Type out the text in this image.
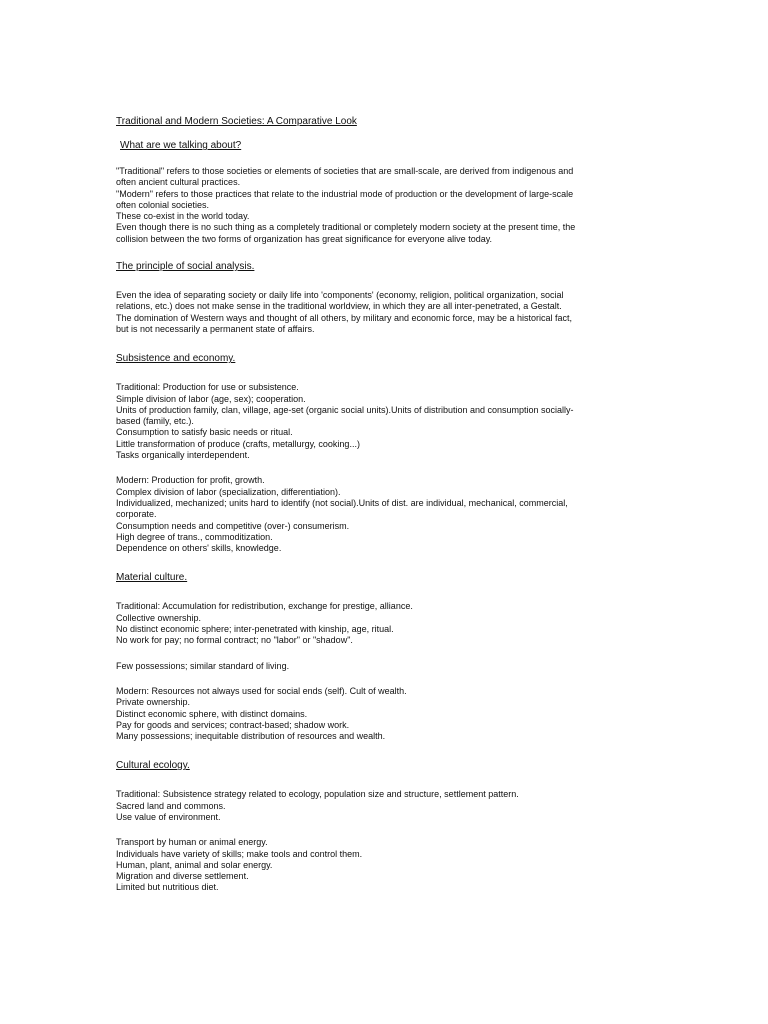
Traditional and Modern Societies: A Comparative Look
What are we talking about?
"Traditional" refers to those societies or elements of societies that are small-scale, are derived from indigenous and
often ancient cultural practices.
"Modern" refers to those practices that relate to the industrial mode of production or the development of large-scale
often colonial societies.
These co-exist in the world today.
Even though there is no such thing as a completely traditional or completely modern society at the present time, the
collision between the two forms of organization has great significance for everyone alive today.
The principle of social analysis.
Even the idea of separating society or daily life into 'components' (economy, religion, political organization, social
relations, etc.) does not make sense in the traditional worldview, in which they are all inter-penetrated, a Gestalt.
The domination of Western ways and thought of all others, by military and economic force, may be a historical fact,
but is not necessarily a permanent state of affairs.
Subsistence and economy.
Traditional: Production for use or subsistence.
Simple division of labor (age, sex); cooperation.
Units of production family, clan, village, age-set (organic social units).Units of distribution and consumption socially-
based (family, etc.).
Consumption to satisfy basic needs or ritual.
Little transformation of produce (crafts, metallurgy, cooking...)
Tasks organically interdependent.
Modern: Production for profit, growth.
Complex division of labor (specialization, differentiation).
Individualized, mechanized; units hard to identify (not social).Units of dist. are individual, mechanical, commercial,
corporate.
Consumption needs and competitive (over-) consumerism.
High degree of trans., commoditization.
Dependence on others' skills, knowledge.
Material culture.
Traditional: Accumulation for redistribution, exchange for prestige, alliance.
Collective ownership.
No distinct economic sphere; inter-penetrated with kinship, age, ritual.
No work for pay; no formal contract; no "labor" or "shadow".
Few possessions; similar standard of living.
Modern: Resources not always used for social ends (self). Cult of wealth.
Private ownership.
Distinct economic sphere, with distinct domains.
Pay for goods and services; contract-based; shadow work.
Many possessions; inequitable distribution of resources and wealth.
Cultural ecology.
Traditional: Subsistence strategy related to ecology, population size and structure, settlement pattern.
Sacred land and commons.
Use value of environment.
Transport by human or animal energy.
Individuals have variety of skills; make tools and control them.
Human, plant, animal and solar energy.
Migration and diverse settlement.
Limited but nutritious diet.
